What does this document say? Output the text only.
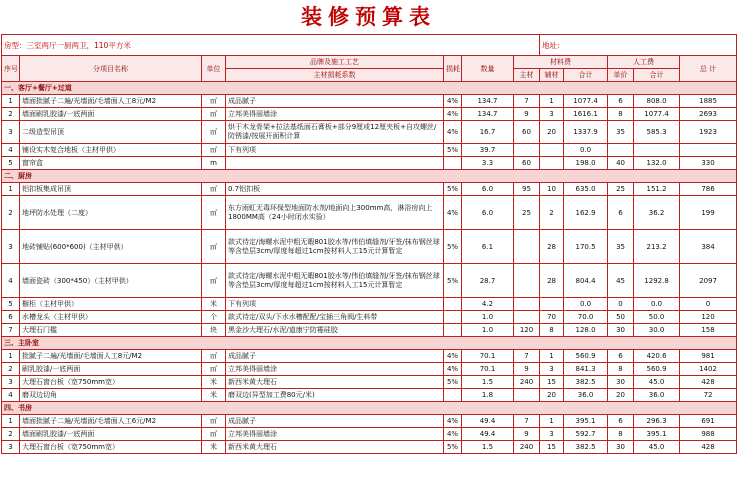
装修预算表
房型：三室两厅一厨两卫，110平方米							地址：				
序号	分项目名称	单位	品牌及施工工艺	损耗	数量	材料费			人工费		总 计
			主材损耗系数			主材	辅材	合计	单价	合计	
一、客厅+餐厅+过道											
1	墙面批腻子二遍/光墙面/毛墙面人工8元/M2	㎡	成品腻子	4%	134.7	7	1	1077.4	6	808.0	1885
2	墙面刷乳胶漆/一底两面	㎡	立邦美得丽墙涂	4%	134.7	9	3	1616.1	8	1077.4	2693
3	二级造型吊顶	㎡	烘干木龙骨架+拉法基纸面石膏板+部分9厘或12厘夹板+自攻螺丝/防锈漆/按展开面积计算	4%	16.7	60	20	1337.9	35	585.3	1923
4	铺设实木复合地板（主材甲供）	㎡	下有列项	5%	39.7			0.0			
5	窗帘盒	m			3.3	60		198.0	40	132.0	330
二、厨房											
1	铝扣板集成吊顶	㎡	0.7铝扣板	5%	6.0	95	10	635.0	25	151.2	786
2	地坪防水处理（二度）	㎡	东方雨虹无毒环保型地面防水剂/地面向上300mm高，淋浴房向上1800MM高（24小时闭水实验）	4%	6.0	25	2	162.9	6	36.2	199
3	地砖铺贴(600*600)（主材甲供）	㎡	款式待定/海螺水泥中粗无暇801胶水等/伟伯填缝剂/牙签/抹布钢丝球等含垫层3cm/厚度每超过1cm按材料人工15元计算暂定	5%	6.1		28	170.5	35	213.2	384
4	墙面瓷砖（300*450）（主材甲供）	㎡	款式待定/海螺水泥中粗无暇801胶水等/伟伯填缝剂/牙签/抹布钢丝球等含垫层3cm/厚度每超过1cm按材料人工15元计算暂定	5%	28.7		28	804.4	45	1292.8	2097
5	橱柜（主材甲供）	米	下有列项		4.2			0.0	0	0.0	0
6	水槽龙头（主材甲供）	个	款式待定/双头/下水水槽配配/宝插三角阀/生料带		1.0		70	70.0	50	50.0	120
7	大理石门槛	块	黑金沙大理石/水泥/道康宁防霉硅胶		1.0	120	8	128.0	30	30.0	158
三、主卧室											
1	批腻子二遍/光墙面/毛墙面人工8元/M2	㎡	成品腻子	4%	70.1	7	1	560.9	6	420.6	981
2	刷乳胶漆/一底两面	㎡	立邦美得丽墙涂	4%	70.1	9	3	841.3	8	560.9	1402
3	大理石窗台板（宽750mm宽）	米	新西米黄大理石	5%	1.5	240	15	382.5	30	45.0	428
4	磨双边切角	米	磨双边(异型加工费80元/米)		1.8		20	36.0	20	36.0	72
四、书房											
1	墙面批腻子二遍/光墙面/毛墙面人工6元/M2	㎡	成品腻子	4%	49.4	7	1	395.1	6	296.3	691
2	墙面刷乳胶漆/一底两面	㎡	立邦美得丽墙涂	4%	49.4	9	3	592.7	8	395.1	988
3	大理石窗台板（宽750mm宽）	米	新西米黄大理石	5%	1.5	240	15	382.5	30	45.0	428
